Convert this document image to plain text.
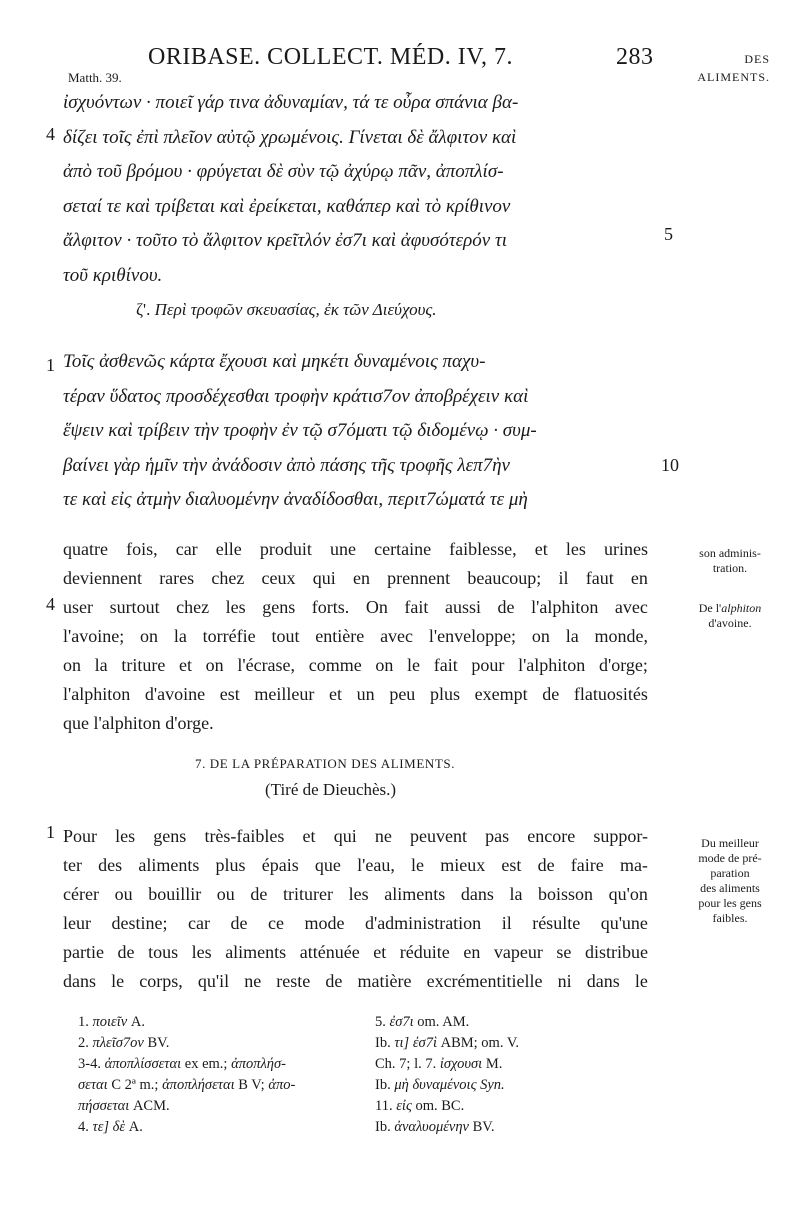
ORIBASE. COLLECT. MÉD. IV, 7.	283
Matth. 39.
DES
ALIMENTS.
ἰσχυόντων · ποιεῖ γάρ τινα ἀδυναμίαν, τά τε οὖρα σπάνια βα-
δίζει τοῖς ἐπὶ πλεῖον αὐτῷ χρωμένοις. Γίνεται δὲ ἄλφιτον καὶ
ἀπὸ τοῦ βρόμου · φρύγεται δὲ σὺν τῷ ἀχύρῳ πᾶν, ἀποπλίσ-
σεταί τε καὶ τρίβεται καὶ ἐρείκεται, καθάπερ καὶ τὸ κρίθινον
ἄλφιτον · τοῦτο τὸ ἄλφιτον κρεῖτλόν ἐσ7ι καὶ ἀφυσότερόν τι
τοῦ κριθίνου.
4
5
ζ'. Περὶ τροφῶν σκευασίας, ἐκ τῶν Διεύχους.
Τοῖς ἀσθενῶς κάρτα ἔχουσι καὶ μηκέτι δυναμένοις παχυ-
τέραν ὕδατος προσδέχεσθαι τροφὴν κράτισ7ον ἀποβρέχειν καὶ
ἕψειν καὶ τρίβειν τὴν τροφὴν ἐν τῷ σ7όματι τῷ διδομένῳ · συμ-
βαίνει γὰρ ἡμῖν τὴν ἀνάδοσιν ἀπὸ πάσης τῆς τροφῆς λεπ7ὴν
τε καὶ εἰς ἀτμὴν διαλυομένην ἀναδίδοσθαι, περιτ7ώματά τε μὴ
1
10
quatre fois, car elle produit une certaine faiblesse, et les urines
deviennent rares chez ceux qui en prennent beaucoup; il faut en
user surtout chez les gens forts. On fait aussi de l'alphiton avec
l'avoine; on la torréfie tout entière avec l'enveloppe; on la monde,
on la triture et on l'écrase, comme on le fait pour l'alphiton d'orge;
l'alphiton d'avoine est meilleur et un peu plus exempt de flatuosités
que
l'alphiton
d'orge.
4
7. DE LA PRÉPARATION DES ALIMENTS.
(Tiré de Dieuchès.)
Pour les gens très-faibles et qui ne peuvent pas encore suppor-
ter des aliments plus épais que l'eau, le mieux est de faire ma-
cérer ou bouillir ou de triturer les aliments dans la boisson qu'on
leur destine; car de ce mode d'administration il résulte qu'une
partie de tous les aliments atténuée et réduite en vapeur se distribue
dans le corps, qu'il ne reste de matière excrémentitielle ni dans le
1
son adminis-
tration.
De l'alphiton
d'avoine.
Du meilleur
mode de pré-
paration
des aliments
pour les gens
faibles.
1. ποιεῖν A.
2. πλεῖσ7ον BV.
3-4. ἀποπλίσσεται ex em.; ἀποπλήσ-
σεται C 2ª m.; ἀποπλήσεται B V; ἀπο-
πήσσεται ACM.
4. τε] δὲ A.
5. ἐσ7ι om. AM.
Ib. τι] ἐσ7ὶ ABM; om. V.
Ch. 7; l. 7. ἰσχουσι M.
Ib. μὴ δυναμένοις Syn.
11. εἰς om. BC.
Ib. ἀναλυομένην BV.
